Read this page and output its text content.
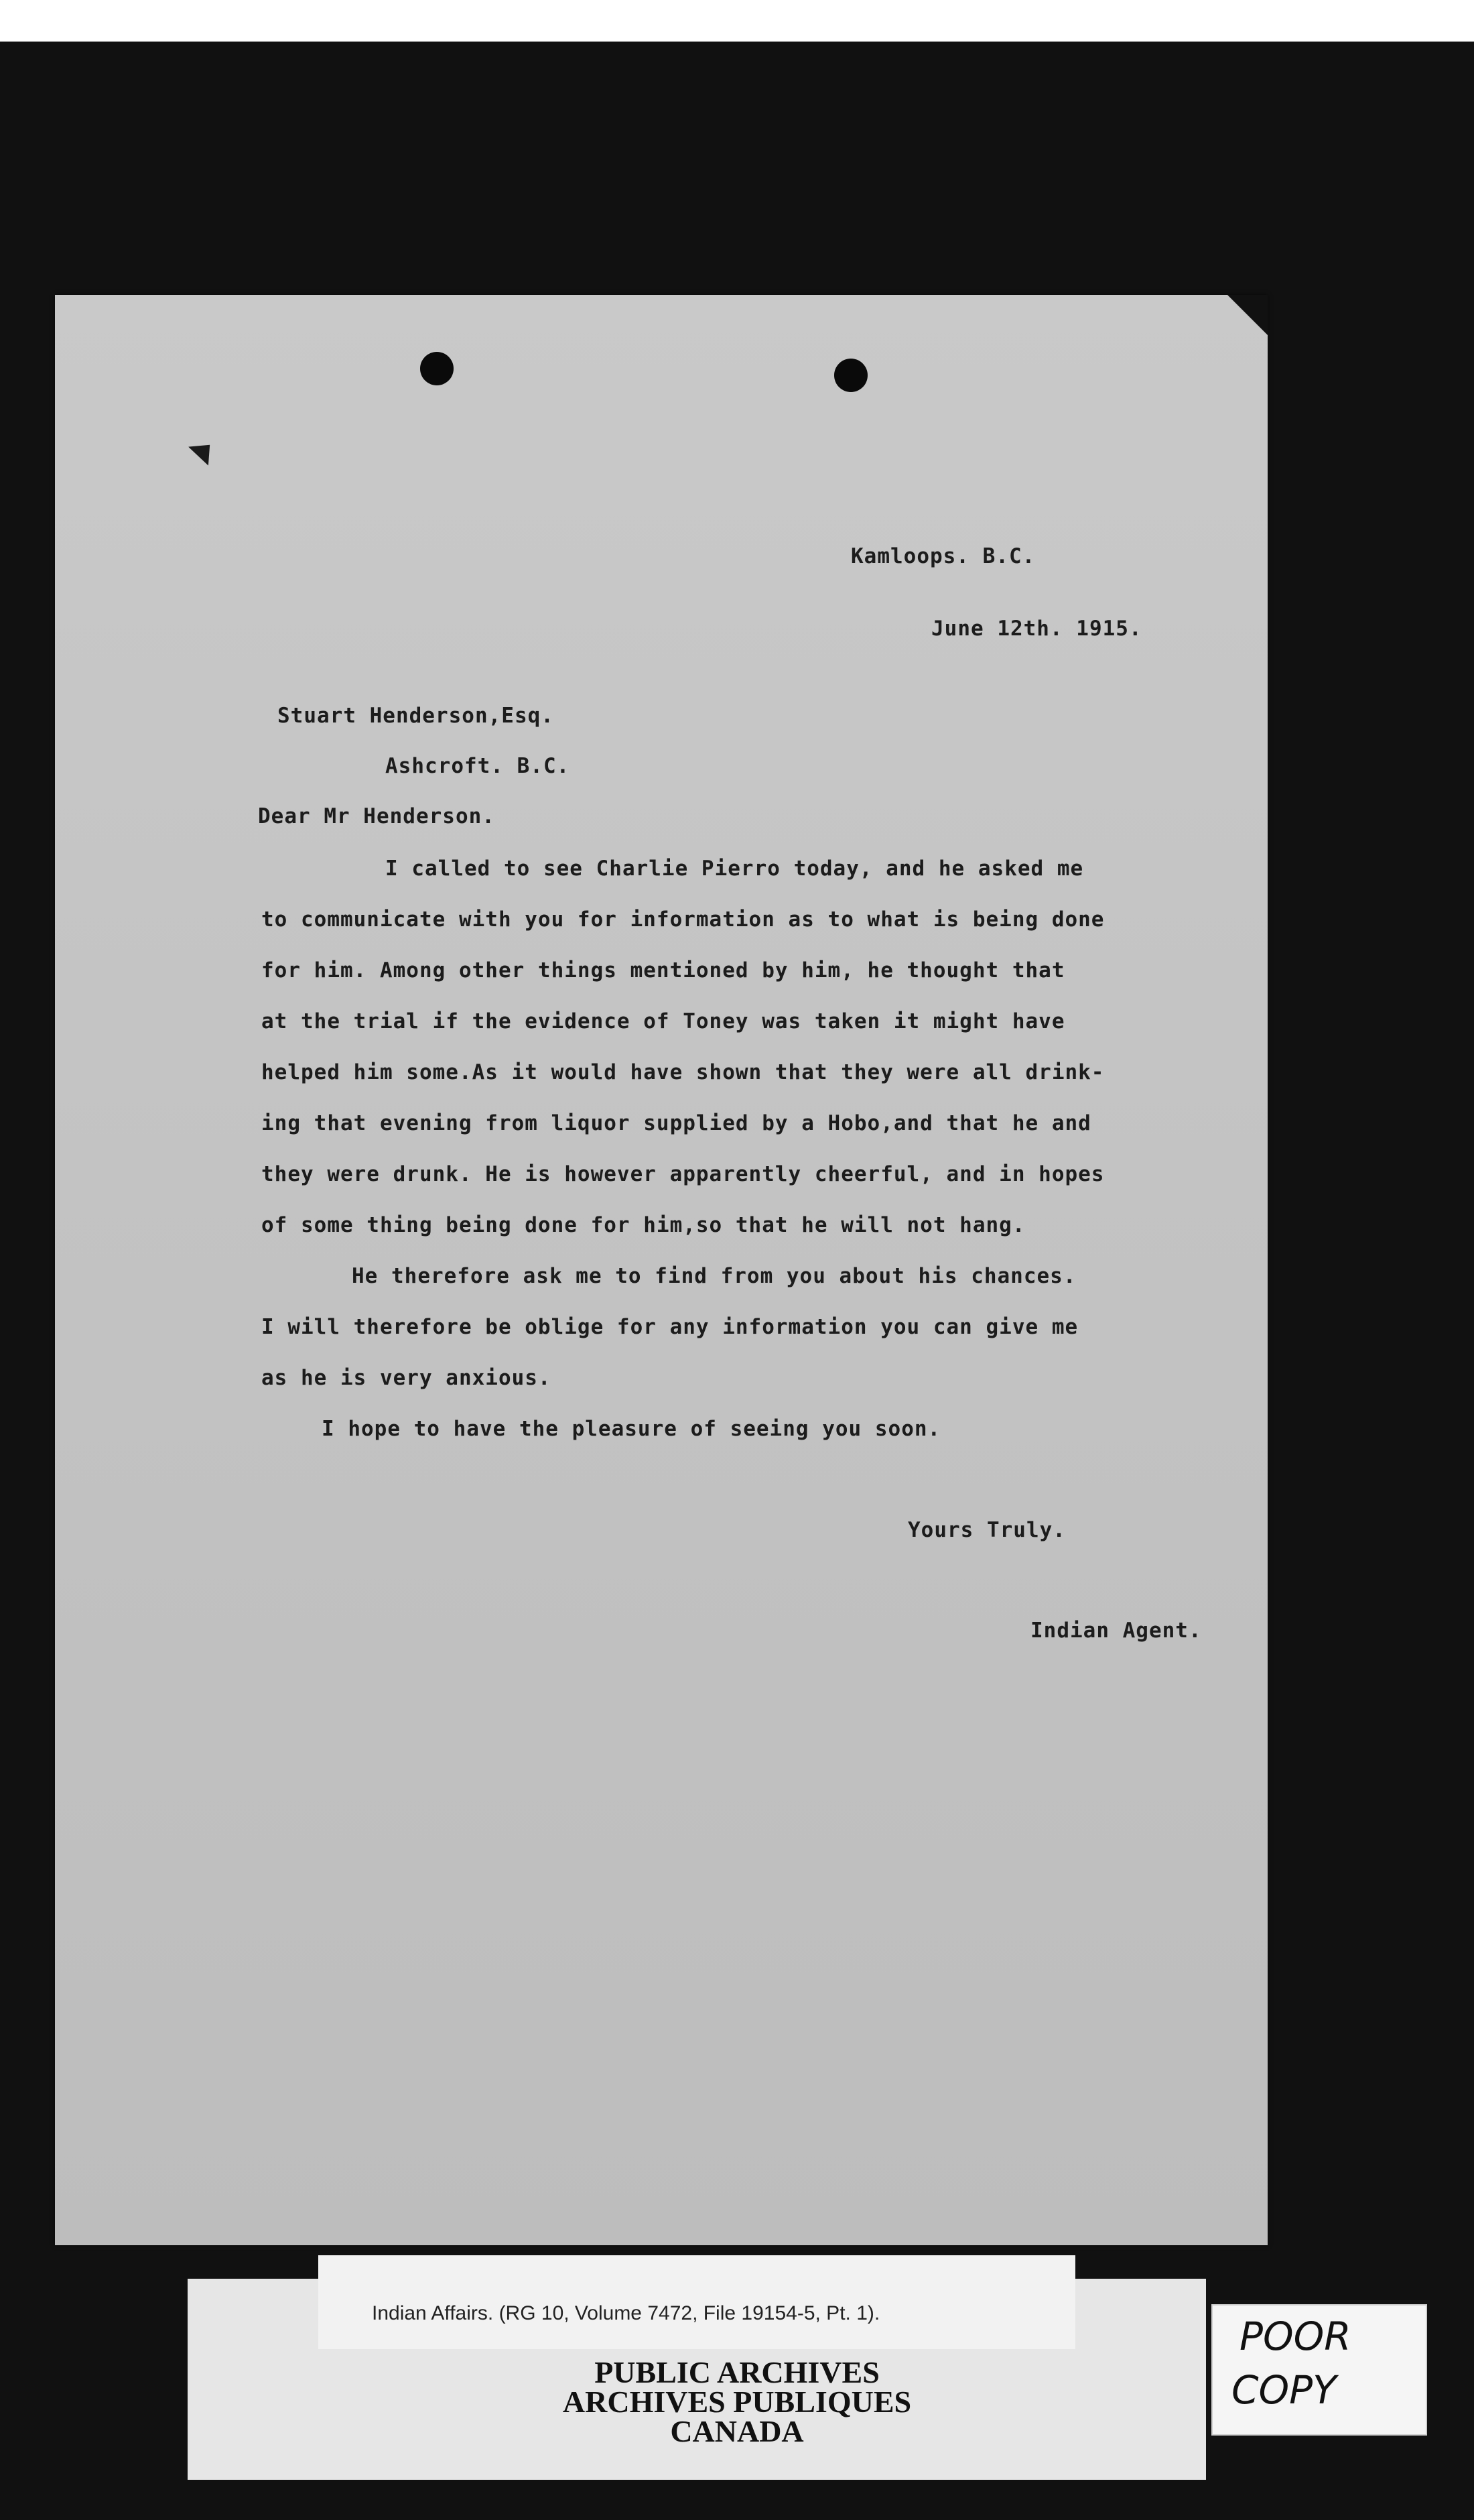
Kamloops. B.C.
June 12th. 1915.
Stuart Henderson,Esq.
Ashcroft. B.C.
Dear Mr Henderson.
I called to see Charlie Pierro today, and he asked me
to communicate with you for information as to what is being done
for him. Among other things mentioned by him, he thought that
at the trial if the evidence of Toney was taken it might have
helped him some.As it would have shown that they were all drink-
ing that evening from liquor supplied by a Hobo,and that he and
they were drunk. He is however apparently cheerful, and in hopes
of some thing being done for him,so that he will not hang.
He therefore ask me to find from you about his chances.
I will therefore be oblige for any information you can give me
as he is very anxious.
I hope to have the pleasure of seeing you soon.
Yours Truly.
Indian Agent.
Indian Affairs. (RG 10, Volume 7472, File 19154-5, Pt. 1).
PUBLIC ARCHIVES
ARCHIVES PUBLIQUES
CANADA
POOR
COPY
